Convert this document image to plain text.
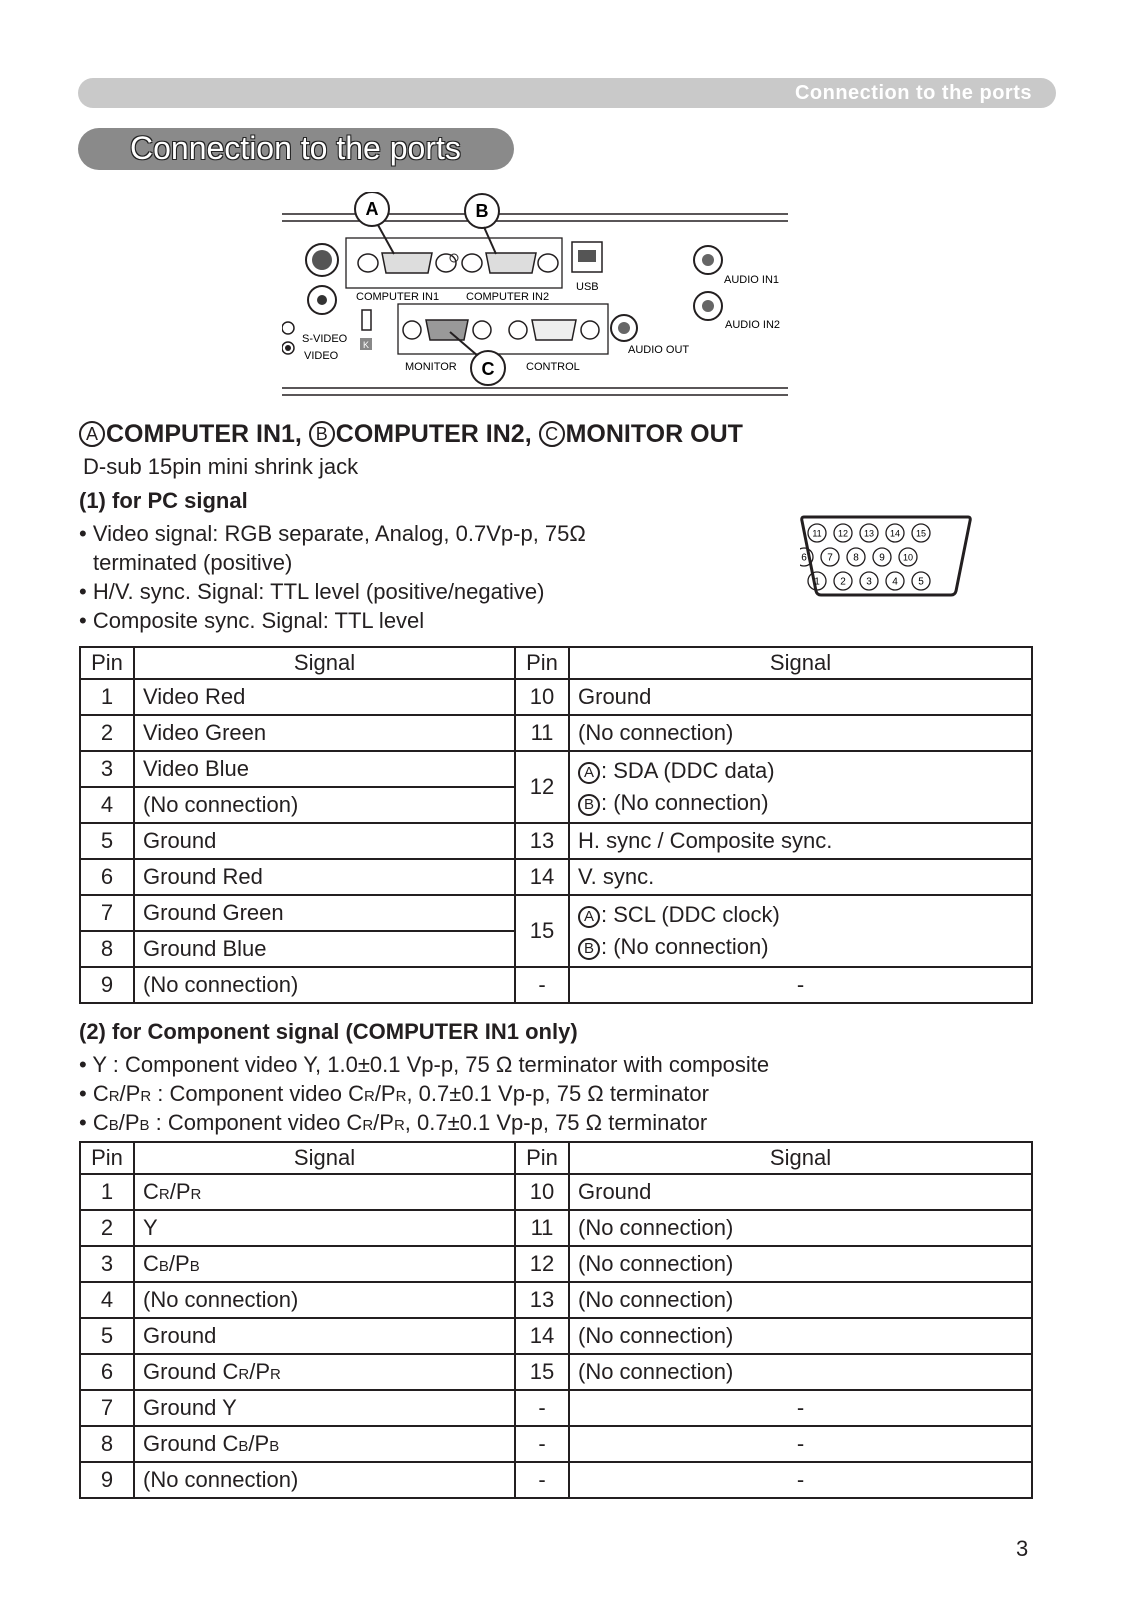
Connection to the ports
Connection to the ports
S-VIDEO
VIDEO
COMPUTER IN1 COMPUTER IN2
A	B
USB
AUDIO IN1
AUDIO IN2
K	AUDIO OUT
MONITOR	CONTROL
C
A COMPUTER IN1, B COMPUTER IN2, C MONITOR OUT
D-sub 15pin mini shrink jack
(1) for PC signal
• Video signal: RGB separate, Analog, 0.7Vp-p, 75Ω
terminated (positive)
• H/V. sync. Signal: TTL level (positive/negative)
• Composite sync. Signal: TTL level
11 12 13 14 15
6 7 8 9 10
1 2 3 4 5
Pin	Signal	Pin	Signal
1	Video Red	10	Ground
2	Video Green	11	(No connection)
3	Video Blue	12	A : SDA (DDC data)
B : (No connection)

4	(No connection)		
5	Ground	13	H. sync / Composite sync.
6	Ground Red	14	V. sync.
7	Ground Green	15	A : SCL (DDC clock)
B : (No connection)

8	Ground Blue		
9	(No connection)	-	-
(2) for Component signal (COMPUTER IN1 only)
• Y : Component video Y, 1.0±0.1 Vp-p, 75 Ω terminator with composite
• CR/PR : Component video CR/PR, 0.7±0.1 Vp-p, 75 Ω terminator
• CB/PB : Component video CR/PR, 0.7±0.1 Vp-p, 75 Ω terminator
Pin	Signal	Pin	Signal
1	CR/PR	10	Ground
2	Y	11	(No connection)
3	CB/PB	12	(No connection)
4	(No connection)	13	(No connection)
5	Ground	14	(No connection)
6	Ground CR/PR	15	(No connection)
7	Ground Y	-	-
8	Ground CB/PB	-	-
9	(No connection)	-	-
3
